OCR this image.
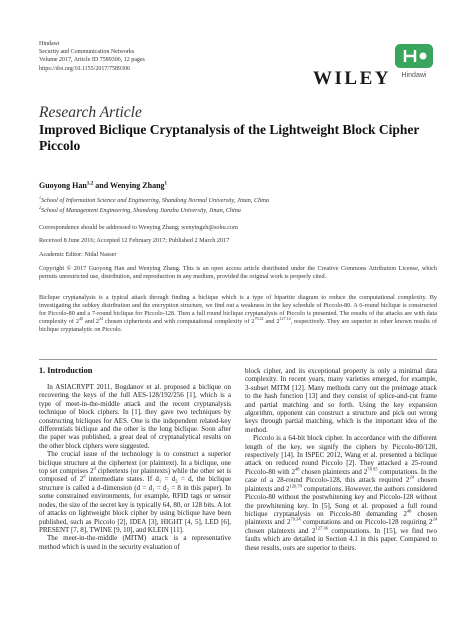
Hindawi
Security and Communication Networks
Volume 2017, Article ID 7589306, 12 pages
https://doi.org/10.1155/2017/7589306	WILEY	Hindawi
Research Article
Improved Biclique Cryptanalysis of the Lightweight Block Cipher Piccolo
Guoyong Han$^{1,2}$ and Wenying Zhang$^1$
$^1$School of Information Science and Engineering, Shandong Normal University, Jinan, China
$^2$School of Management Engineering, Shandong Jianzhu University, Jinan, China
Correspondence should be addressed to Wenying Zhang; wenyingzh@sohu.com
Received 8 June 2016; Accepted 12 February 2017; Published 2 March 2017
Academic Editor: Nidal Nasser
Copyright © 2017 Guoyong Han and Wenying Zhang. This is an open access article distributed under the Creative Commons Attribution License, which permits unrestricted use, distribution, and reproduction in any medium, provided the original work is properly cited.
Biclique cryptanalysis is a typical attack through finding a biclique which is a type of bipartite diagram to reduce the computational complexity. By investigating the subkey distribution and the encryption structure, we find out a weakness in the key schedule of Piccolo-80. A 6-round biclique is constructed for Piccolo-80 and a 7-round biclique for Piccolo-128. Then a full round biclique cryptanalysis of Piccolo is presented. The results of the attacks are with data complexity of $2^{40}$ and $2^{24}$ chosen ciphertexts and with computational complexity of $2^{79.22}$ and $2^{127.14}$, respectively. They are superior to other known results of biclique cryptanalytic on Piccolo.
1. Introduction

In ASIACRYPT 2011, Bogdanov et al. proposed a biclique on recovering the keys of the full AES-128/192/256 [1], which is a type of meet-in-the-middle attack and the recent cryptanalysis technique of block ciphers. In [1], they gave two techniques by constructing bicliques for AES. One is the independent related-key differentials biclique and the other is the long biclique. Soon after the paper was published, a great deal of cryptanalytical results on the other block ciphers were suggested.

The crucial issue of the technology is to construct a superior biclique structure at the ciphertext (or plaintext). In a biclique, one top set comprises 2$^d$ ciphertexts (or plaintexts) while the other set is composed of 2$^d$ intermediate states. If d₁ = d₂ = d, the biclique structure is called a d-dimension (d = d₁ = d₂ = 8 in this paper). In some constrained environments, for example, RFID tags or sensor nodes, the size of the secret key is typically 64, 80, or 128 bits. A lot of attacks on lightweight block cipher by using biclique have been published, such as Piccolo [2], IDEA [3], HIGHT [4, 5], LED [6], PRESENT [7, 8], TWINE [9, 10], and KLEIN [11].

The meet-in-the-middle (MITM) attack is a representative method which is used in the security evaluation of

block cipher, and its exceptional property is only a minimal data complexity. In recent years, many varieties emerged, for example, 3-subset MITM [12]. Many methods carry out the preimage attack to the hash function [13] and they consist of splice-and-cut frame and partial matching and so forth. Using the key expansion algorithm, opponent can construct a structure and pick out wrong keys through partial matching, which is the important idea of the method.

Piccolo is a 64-bit block cipher. In accordance with the different length of the key, we signify the ciphers by Piccolo-80/128, respectively [14]. In ISPEC 2012, Wang et al. presented a biclique attack on reduced round Piccolo [2]. They attacked a 25-round Piccolo-80 with $2^{48}$ chosen plaintexts and $2^{78.95}$ computations. In the case of a 28-round Piccolo-128, this attack required $2^{24}$ chosen plaintexts and $2^{126.79}$ computations. However, the authors considered Piccolo-80 without the postwhitening key and Piccolo-128 without the prewhitening key. In [5], Song et al. proposed a full round biclique cryptanalysis on Piccolo-80 demanding $2^{48}$ chosen plaintexts and $2^{79.34}$ computations and on Piccolo-128 requiring $2^{24}$ chosen plaintexts and $2^{127.36}$ computations. In [15], we find two faults which are detailed in Section 4.1 in this paper. Compared to these results, ours are superior to theirs.
